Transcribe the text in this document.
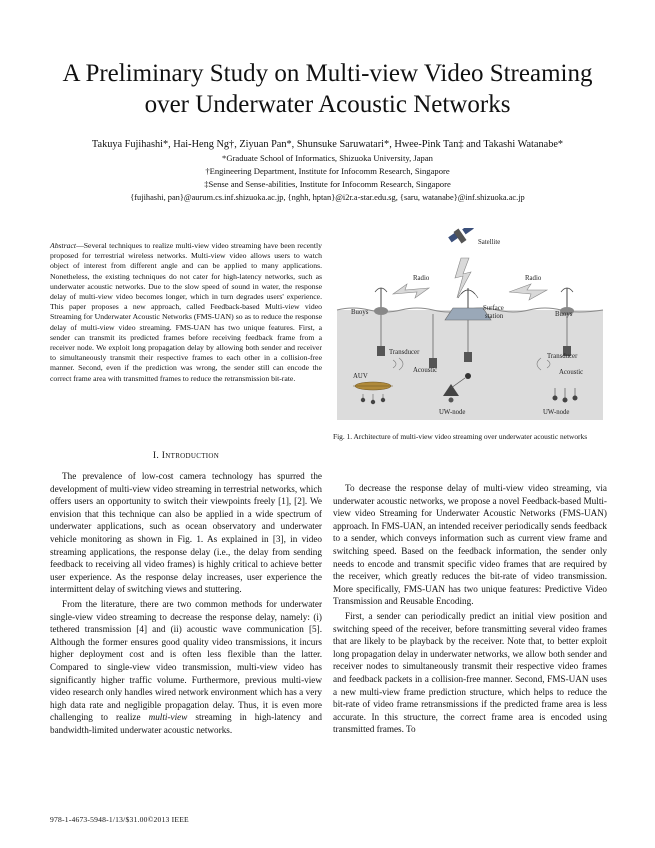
A Preliminary Study on Multi-view Video Streaming over Underwater Acoustic Networks
Takuya Fujihashi*, Hai-Heng Ng†, Ziyuan Pan*, Shunsuke Saruwatari*, Hwee-Pink Tan‡ and Takashi Watanabe*
*Graduate School of Informatics, Shizuoka University, Japan
†Engineering Department, Institute for Infocomm Research, Singapore
‡Sense and Sense-abilities, Institute for Infocomm Research, Singapore
{fujihashi, pan}@aurum.cs.inf.shizuoka.ac.jp, {nghh, hptan}@i2r.a-star.edu.sg, {saru, watanabe}@inf.shizuoka.ac.jp
Abstract—Several techniques to realize multi-view video streaming have been recently proposed for terrestrial wireless networks. Multi-view video allows users to watch object of interest from different angle and can be applied to many applications. Nonetheless, the existing techniques do not cater for high-latency networks, such as underwater acoustic networks. Due to the slow speed of sound in water, the response delay of multi-view video becomes longer, which in turn degrades users' experience. This paper proposes a new approach, called Feedback-based Multi-view video Streaming for Underwater Acoustic Networks (FMS-UAN) so as to reduce the response delay of multi-view video streaming. FMS-UAN has two unique features. First, a sender can transmit its predicted frames before receiving feedback frame from a receiver node. We exploit long propagation delay by allowing both sender and receiver to simultaneously transmit their respective frames to each other in a collision-free manner. Second, even if the prediction was wrong, the sender still can encode the correct frame area with transmitted frames to reduce the retransmission bit-rate.
I. Introduction

The prevalence of low-cost camera technology has spurred the development of multi-view video streaming in terrestrial networks, which offers users an opportunity to switch their viewpoints freely [1], [2]. We envision that this technique can also be applied in a wide spectrum of underwater applications, such as ocean observatory and underwater vehicle monitoring as shown in Fig. 1. As explained in [3], in video streaming applications, the response delay (i.e., the delay from sending feedback to receiving all video frames) is highly critical to achieve better user experience. As the response delay increases, user experience the intermittent delay of switching views and stuttering.

From the literature, there are two common methods for underwater single-view video streaming to decrease the response delay, namely: (i) tethered transmission [4] and (ii) acoustic wave communication [5]. Although the former ensures good quality video transmissions, it incurs higher deployment cost and is often less flexible than the latter. Compared to single-view video transmission, multi-view video has significantly higher traffic volume. Furthermore, previous multi-view video research only handles wired network environment which has a very high data rate and negligible propagation delay. Thus, it is even more challenging to realize multi-view streaming in high-latency and bandwidth-limited underwater acoustic networks.

Satellite
Surface
station
Radio	Radio
Buoys	Buoys
Transducer
Transducer
Acoustic	Acoustic
AUV
UW-node	UW-node
Fig. 1. Architecture of multi-view video streaming over underwater acoustic networks

To decrease the response delay of multi-view video streaming, via underwater acoustic networks, we propose a novel Feedback-based Multi-view video Streaming for Underwater Acoustic Networks (FMS-UAN) approach. In FMS-UAN, an intended receiver periodically sends feedback to a sender, which conveys information such as current view frame and switching speed. Based on the feedback information, the sender only needs to encode and transmit specific video frames that are required by the receiver, which greatly reduces the bit-rate of video transmission. More specifically, FMS-UAN has two unique features: Predictive Video Transmission and Reusable Encoding.

First, a sender can periodically predict an initial view position and switching speed of the receiver, before transmitting several video frames that are likely to be playback by the receiver. Note that, to better exploit long propagation delay in underwater networks, we allow both sender and receiver nodes to simultaneously transmit their respective video frames and feedback packets in a collision-free manner. Second, FMS-UAN uses a new multi-view frame prediction structure, which helps to reduce the bit-rate of video frame retransmissions if the predicted frame area is less accurate. In this structure, the correct frame area is encoded using transmitted frames. To

978-1-4673-5948-1/13/$31.00©2013 IEEE
